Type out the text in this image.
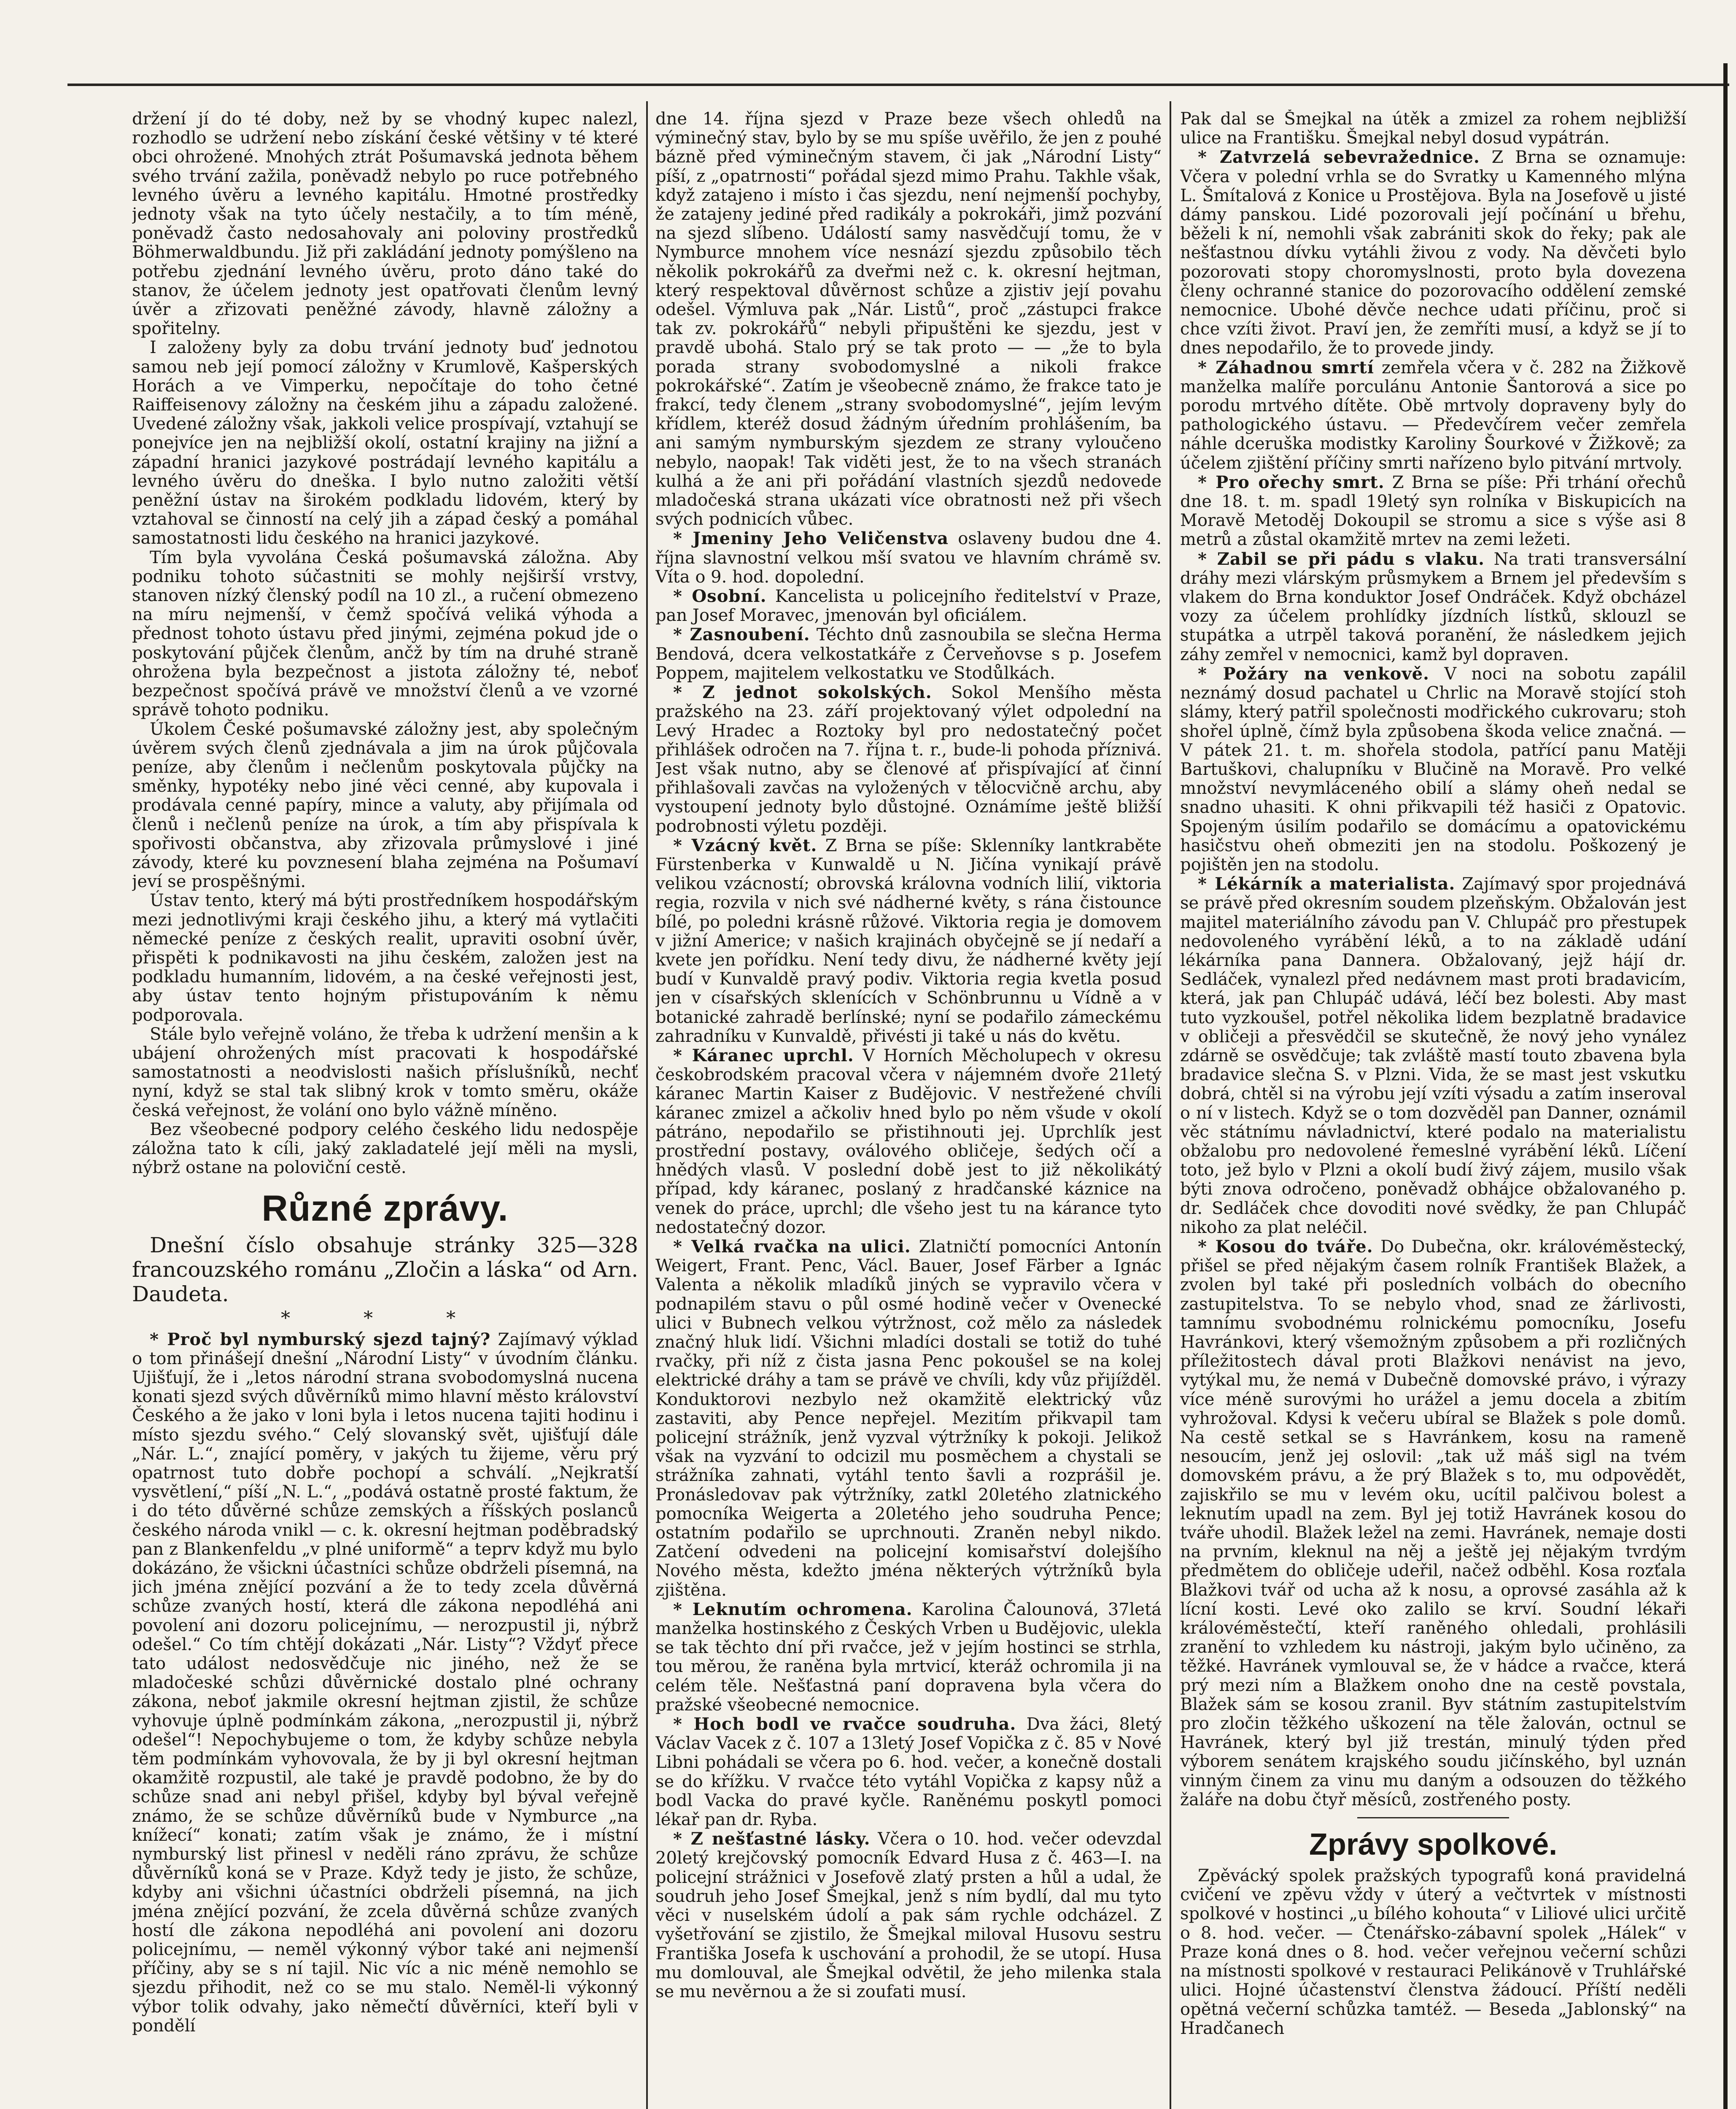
držení jí do té doby, než by se vhodný kupec nalezl, rozhodlo se udržení nebo získání české většiny v té které obci ohrožené. Mnohých ztrát Pošumavská jednota během svého trvání zažila, poněvadž nebylo po ruce potřebného levného úvěru a levného kapitálu. Hmotné prostředky jednoty však na tyto účely nestačily, a to tím méně, poněvadž často nedosahovaly ani poloviny prostředků Böhmerwaldbundu. Již při zakládání jednoty pomýšleno na potřebu zjednání levného úvěru, proto dáno také do stanov, že účelem jednoty jest opatřovati členům levný úvěr a zřizovati peněžné závody, hlavně záložny a spořitelny.

I založeny byly za dobu trvání jednoty buď jednotou samou neb její pomocí záložny v Krumlově, Kašperských Horách a ve Vimperku, nepočítaje do toho četné Raiffeisenovy záložny na českém jihu a západu založené. Uvedené záložny však, jakkoli velice prospívají, vztahují se ponejvíce jen na nejbližší okolí, ostatní krajiny na jižní a západní hranici jazykové postrádají levného kapitálu a levného úvěru do dneška. I bylo nutno založiti větší peněžní ústav na širokém podkladu lidovém, který by vztahoval se činností na celý jih a západ český a pomáhal samostatnosti lidu českého na hranici jazykové.

Tím byla vyvolána Česká pošumavská záložna. Aby podniku tohoto súčastniti se mohly nejširší vrstvy, stanoven nízký členský podíl na 10 zl., a ručení obmezeno na míru nejmenší, v čemž spočívá veliká výhoda a přednost tohoto ústavu před jinými, zejména pokud jde o poskytování půjček členům, ančž by tím na druhé straně ohrožena byla bezpečnost a jistota záložny té, neboť bezpečnost spočívá právě ve množství členů a ve vzorné správě tohoto podniku.

Úkolem České pošumavské záložny jest, aby společným úvěrem svých členů zjednávala a jim na úrok půjčovala peníze, aby členům i nečlenům poskytovala půjčky na směnky, hypotéky nebo jiné věci cenné, aby kupovala i prodávala cenné papíry, mince a valuty, aby přijímala od členů i nečlenů peníze na úrok, a tím aby přispívala k spořivosti občanstva, aby zřizovala průmyslové i jiné závody, které ku povznesení blaha zejména na Pošumaví jeví se prospěšnými.

Ústav tento, který má býti prostředníkem hospodářským mezi jednotlivými kraji českého jihu, a který má vytlačiti německé peníze z českých realit, upraviti osobní úvěr, přispěti k podnikavosti na jihu českém, založen jest na podkladu humanním, lidovém, a na české veřejnosti jest, aby ústav tento hojným přistupováním k němu podporovala.

Stále bylo veřejně voláno, že třeba k udržení menšin a k ubájení ohrožených míst pracovati k hospodářské samostatnosti a neodvislosti našich příslušníků, nechť nyní, když se stal tak slibný krok v tomto směru, okáže česká veřejnost, že volání ono bylo vážně míněno.

Bez všeobecné podpory celého českého lidu nedospěje záložna tato k cíli, jaký zakladatelé její měli na mysli, nýbrž ostane na poloviční cestě.

Různé zprávy.

Dnešní číslo obsahuje stránky 325—328 francouzského románu „Zločin a láska“ od Arn. Daudeta.

* * *

* Proč byl nymburský sjezd tajný? Zajímavý výklad o tom přinášejí dnešní „Národní Listy“ v úvodním článku. Ujišťují, že i „letos národní strana svobodomyslná nucena konati sjezd svých důvěrníků mimo hlavní město království Českého a že jako v loni byla i letos nucena tajiti hodinu i místo sjezdu svého.“ Celý slovanský svět, ujišťují dále „Nár. L.“, znající poměry, v jakých tu žijeme, věru prý opatrnost tuto dobře pochopí a schválí. „Nejkratší vysvětlení,“ píší „N. L.“, „podává ostatně prosté faktum, že i do této důvěrné schůze zemských a říšských poslanců českého národa vnikl — c. k. okresní hejtman poděbradský pan z Blankenfeldu „v plné uniformě“ a teprv když mu bylo dokázáno, že všickni účastníci schůze obdrželi písemná, na jich jména znějící pozvání a že to tedy zcela důvěrná schůze zvaných hostí, která dle zákona nepodléhá ani povolení ani dozoru policejnímu, — nerozpustil ji, nýbrž odešel.“ Co tím chtějí dokázati „Nár. Listy“? Vždyť přece tato událost nedosvědčuje nic jiného, než že se mladočeské schůzi důvěrnické dostalo plné ochrany zákona, neboť jakmile okresní hejtman zjistil, že schůze vyhovuje úplně podmínkám zákona, „nerozpustil ji, nýbrž odešel“! Nepochybujeme o tom, že kdyby schůze nebyla těm podmínkám vyhovovala, že by ji byl okresní hejtman okamžitě rozpustil, ale také je pravdě podobno, že by do schůze snad ani nebyl přišel, kdyby byl býval veřejně známo, že se schůze důvěrníků bude v Nymburce „na knížecí“ konati; zatím však je známo, že i místní nymburský list přinesl v neděli ráno zprávu, že schůze důvěrníků koná se v Praze. Když tedy je jisto, že schůze, kdyby ani všichni účastníci obdrželi písemná, na jich jména znějící pozvání, že zcela důvěrná schůze zvaných hostí dle zákona nepodléhá ani povolení ani dozoru policejnímu, — neměl výkonný výbor také ani nejmenší příčiny, aby se s ní tajil. Nic víc a nic méně nemohlo se sjezdu přihodit, než co se mu stalo. Neměl-li výkonný výbor tolik odvahy, jako němečtí důvěrníci, kteří byli v pondělí

dne 14. října sjezd v Praze beze všech ohledů na výminečný stav, bylo by se mu spíše uvěřilo, že jen z pouhé bázně před výminečným stavem, či jak „Národní Listy“ píší, z „opatrnosti“ pořádal sjezd mimo Prahu. Takhle však, když zatajeno i místo i čas sjezdu, není nejmenší pochyby, že zatajeny jediné před radikály a pokrokáři, jimž pozvání na sjezd slíbeno. Událostí samy nasvědčují tomu, že v Nymburce mnohem více nesnází sjezdu způsobilo těch několik pokrokářů za dveřmi než c. k. okresní hejtman, který respektoval důvěrnost schůze a zjistiv její povahu odešel. Výmluva pak „Nár. Listů“, proč „zástupci frakce tak zv. pokrokářů“ nebyli připuštěni ke sjezdu, jest v pravdě ubohá. Stalo prý se tak proto — — „že to byla porada strany svobodomyslné a nikoli frakce pokrokářské“. Zatím je všeobecně známo, že frakce tato je frakcí, tedy členem „strany svobodomyslné“, jejím levým křídlem, kteréž dosud žádným úředním prohlášením, ba ani samým nymburským sjezdem ze strany vyloučeno nebylo, naopak! Tak viděti jest, že to na všech stranách kulhá a že ani při pořádání vlastních sjezdů nedovede mladočeská strana ukázati více obratnosti než při všech svých podnicích vůbec.

* Jmeniny Jeho Veličenstva oslaveny budou dne 4. října slavnostní velkou mší svatou ve hlavním chrámě sv. Víta o 9. hod. dopolední.

* Osobní. Kancelista u policejního ředitelství v Praze, pan Josef Moravec, jmenován byl oficiálem.

* Zasnoubení. Téchto dnů zasnoubila se slečna Herma Bendová, dcera velkostatkáře z Červeňovse s p. Josefem Poppem, majitelem velkostatku ve Stodůlkách.

* Z jednot sokolských. Sokol Menšího města pražského na 23. září projektovaný výlet odpolední na Levý Hradec a Roztoky byl pro nedostatečný počet přihlášek odročen na 7. října t. r., bude-li pohoda příznivá. Jest však nutno, aby se členové ať přispívající ať činní přihlašovali zavčas na vyložených v tělocvičně archu, aby vystoupení jednoty bylo důstojné. Oznámíme ještě bližší podrobnosti výletu později.

* Vzácný květ. Z Brna se píše: Sklenníky lantkraběte Fürstenberka v Kunwaldě u N. Jičína vynikají právě velikou vzácností; obrovská královna vodních lilií, viktoria regia, rozvila v nich své nádherné květy, s rána čistounce bílé, po poledni krásně růžové. Viktoria regia je domovem v jižní Americe; v našich krajinách obyčejně se jí nedaří a kvete jen pořídku. Není tedy divu, že nádherné květy její budí v Kunvaldě pravý podiv. Viktoria regia kvetla posud jen v císařských sklenících v Schönbrunnu u Vídně a v botanické zahradě berlínské; nyní se podařilo zámeckému zahradníku v Kunvaldě, přivésti ji také u nás do květu.

* Káranec uprchl. V Horních Měcholupech v okresu českobrodském pracoval včera v nájemném dvoře 21letý káranec Martin Kaiser z Budějovic. V nestřežené chvíli káranec zmizel a ačkoliv hned bylo po něm všude v okolí pátráno, nepodařilo se přistihnouti jej. Uprchlík jest prostřední postavy, oválového obličeje, šedých očí a hnědých vlasů. V poslední době jest to již několikátý případ, kdy káranec, poslaný z hradčanské káznice na venek do práce, uprchl; dle všeho jest tu na kárance tyto nedostatečný dozor.

* Velká rvačka na ulici. Zlatničtí pomocníci Antonín Weigert, Frant. Penc, Václ. Bauer, Josef Färber a Ignác Valenta a několik mladíků jiných se vypravilo včera v podnapilém stavu o půl osmé hodině večer v Ovenecké ulici v Bubnech velkou výtržnost, což mělo za následek značný hluk lidí. Všichni mladíci dostali se totiž do tuhé rvačky, při níž z čista jasna Penc pokoušel se na kolej elektrické dráhy a tam se právě ve chvíli, kdy vůz přijížděl. Konduktorovi nezbylo než okamžitě elektrický vůz zastaviti, aby Pence nepřejel. Mezitím přikvapil tam policejní strážník, jenž vyzval výtržníky k pokoji. Jelikož však na vyzvání to odcizil mu posměchem a chystali se strážníka zahnati, vytáhl tento šavli a rozprášil je. Pronásledovav pak výtržníky, zatkl 20letého zlatnického pomocníka Weigerta a 20letého jeho soudruha Pence; ostatním podařilo se uprchnouti. Zraněn nebyl nikdo. Zatčení odvedeni na policejní komisařství dolejšího Nového města, kdežto jména některých výtržníků byla zjištěna.

* Leknutím ochromena. Karolina Čalounová, 37letá manželka hostinského z Českých Vrben u Budějovic, ulekla se tak těchto dní při rvačce, jež v jejím hostinci se strhla, tou měrou, že raněna byla mrtvicí, kteráž ochromila ji na celém těle. Nešťastná paní dopravena byla včera do pražské všeobecné nemocnice.

* Hoch bodl ve rvačce soudruha. Dva žáci, 8letý Václav Vacek z č. 107 a 13letý Josef Vopička z č. 85 v Nové Libni pohádali se včera po 6. hod. večer, a konečně dostali se do křížku. V rvačce této vytáhl Vopička z kapsy nůž a bodl Vacka do pravé kyčle. Raněnému poskytl pomoci lékař pan dr. Ryba.

* Z nešťastné lásky. Včera o 10. hod. večer odevzdal 20letý krejčovský pomocník Edvard Husa z č. 463—I. na policejní strážnici v Josefově zlatý prsten a hůl a udal, že soudruh jeho Josef Šmejkal, jenž s ním bydlí, dal mu tyto věci v nuselském údolí a pak sám rychle odcházel. Z vyšetřování se zjistilo, že Šmejkal miloval Husovu sestru Františka Josefa k uschování a prohodil, že se utopí. Husa mu domlouval, ale Šmejkal odvětil, že jeho milenka stala se mu nevěrnou a že si zoufati musí.

Pak dal se Šmejkal na útěk a zmizel za rohem nejbližší ulice na Františku. Šmejkal nebyl dosud vypátrán.

* Zatvrzelá sebevražednice. Z Brna se oznamuje: Včera v polední vrhla se do Svratky u Kamenného mlýna L. Šmítalová z Konice u Prostějova. Byla na Josefově u jisté dámy panskou. Lidé pozorovali její počínání u břehu, běželi k ní, nemohli však zabrániti skok do řeky; pak ale nešťastnou dívku vytáhli živou z vody. Na děvčeti bylo pozorovati stopy choromyslnosti, proto byla dovezena členy ochranné stanice do pozorovacího oddělení zemské nemocnice. Ubohé děvče nechce udati příčinu, proč si chce vzíti život. Praví jen, že zemříti musí, a když se jí to dnes nepodařilo, že to provede jindy.

* Záhadnou smrtí zemřela včera v č. 282 na Žižkově manželka malíře porculánu Antonie Šantorová a sice po porodu mrtvého dítěte. Obě mrtvoly dopraveny byly do pathologického ústavu. — Předevčírem večer zemřela náhle dceruška modistky Karoliny Šourkové v Žižkově; za účelem zjištění příčiny smrti nařízeno bylo pitvání mrtvoly.

* Pro ořechy smrt. Z Brna se píše: Při trhání ořechů dne 18. t. m. spadl 19letý syn rolníka v Biskupicích na Moravě Metoděj Dokoupil se stromu a sice s výše asi 8 metrů a zůstal okamžitě mrtev na zemi ležeti.

* Zabil se při pádu s vlaku. Na trati transversální dráhy mezi vlárským průsmykem a Brnem jel především s vlakem do Brna konduktor Josef Ondráček. Když obcházel vozy za účelem prohlídky jízdních lístků, sklouzl se stupátka a utrpěl taková poranění, že následkem jejich záhy zemřel v nemocnici, kamž byl dopraven.

* Požáry na venkově. V noci na sobotu zapálil neznámý dosud pachatel u Chrlic na Moravě stojící stoh slámy, který patřil společnosti modřického cukrovaru; stoh shořel úplně, čímž byla způsobena škoda velice značná. — V pátek 21. t. m. shořela stodola, patřící panu Matěji Bartuškovi, chalupníku v Blučině na Moravě. Pro velké množství nevymláceného obilí a slámy oheň nedal se snadno uhasiti. K ohni přikvapili též hasiči z Opatovic. Spojeným úsilím podařilo se domácímu a opatovickému hasičstvu oheň obmeziti jen na stodolu. Poškozený je pojištěn jen na stodolu.

* Lékárník a materialista. Zajímavý spor projednává se právě před okresním soudem plzeňským. Obžalován jest majitel materiálního závodu pan V. Chlupáč pro přestupek nedovoleného vyrábění léků, a to na základě udání lékárníka pana Dannera. Obžalovaný, jejž hájí dr. Sedláček, vynalezl před nedávnem mast proti bradavicím, která, jak pan Chlupáč udává, léčí bez bolesti. Aby mast tuto vyzkoušel, potřel několika lidem bezplatně bradavice v obličeji a přesvědčil se skutečně, že nový jeho vynález zdárně se osvědčuje; tak zvláště mastí touto zbavena byla bradavice slečna S. v Plzni. Vida, že se mast jest vskutku dobrá, chtěl si na výrobu její vzíti výsadu a zatím inseroval o ní v listech. Když se o tom dozvěděl pan Danner, oznámil věc státnímu návladnictví, které podalo na materialistu obžalobu pro nedovolené řemeslné vyrábění léků. Líčení toto, jež bylo v Plzni a okolí budí živý zájem, musilo však býti znova odročeno, poněvadž obhájce obžalovaného p. dr. Sedláček chce dovoditi nové svědky, že pan Chlupáč nikoho za plat neléčil.

* Kosou do tváře. Do Dubečna, okr. královéměstecký, přišel se před nějakým časem rolník František Blažek, a zvolen byl také při posledních volbách do obecního zastupitelstva. To se nebylo vhod, snad ze žárlivosti, tamnímu svobodnému rolnickému pomocníku, Josefu Havránkovi, který všemožným způsobem a při rozličných příležitostech dával proti Blažkovi nenávist na jevo, vytýkal mu, že nemá v Dubečně domovské právo, i výrazy více méně surovými ho urážel a jemu docela a zbitím vyhrožoval. Kdysi k večeru ubíral se Blažek s pole domů. Na cestě setkal se s Havránkem, kosu na rameně nesoucím, jenž jej oslovil: „tak už máš sigl na tvém domovském právu, a že prý Blažek s to, mu odpovědět, zajiskřilo se mu v levém oku, ucítil palčivou bolest a leknutím upadl na zem. Byl jej totiž Havránek kosou do tváře uhodil. Blažek ležel na zemi. Havránek, nemaje dosti na prvním, kleknul na něj a ještě jej nějakým tvrdým předmětem do obličeje udeřil, načež odběhl. Kosa rozťala Blažkovi tvář od ucha až k nosu, a oprovsé zasáhla až k lícní kosti. Levé oko zalilo se krví. Soudní lékaři královéměstečtí, kteří raněného ohledali, prohlásili zranění to vzhledem ku nástroji, jakým bylo učiněno, za těžké. Havránek vymlouval se, že v hádce a rvačce, která prý mezi ním a Blažkem onoho dne na cestě povstala, Blažek sám se kosou zranil. Byv státním zastupitelstvím pro zločin těžkého uškození na těle žalován, octnul se Havránek, který byl již trestán, minulý týden před výborem senátem krajského soudu jičínského, byl uznán vinným činem za vinu mu daným a odsouzen do těžkého žaláře na dobu čtyř měsíců, zostřeného posty.

Zprávy spolkové.

Zpěvácký spolek pražských typografů koná pravidelná cvičení ve zpěvu vždy v úterý a večtvrtek v místnosti spolkové v hostinci „u bílého kohouta“ v Liliové ulici určitě o 8. hod. večer. — Čtenářsko-zábavní spolek „Hálek“ v Praze koná dnes o 8. hod. večer veřejnou večerní schůzi na místnosti spolkové v restauraci Pelikánově v Truhlářské ulici. Hojné účastenství členstva žádoucí. Příští neděli opětná večerní schůzka tamtéž. — Beseda „Jablonský“ na Hradčanech
